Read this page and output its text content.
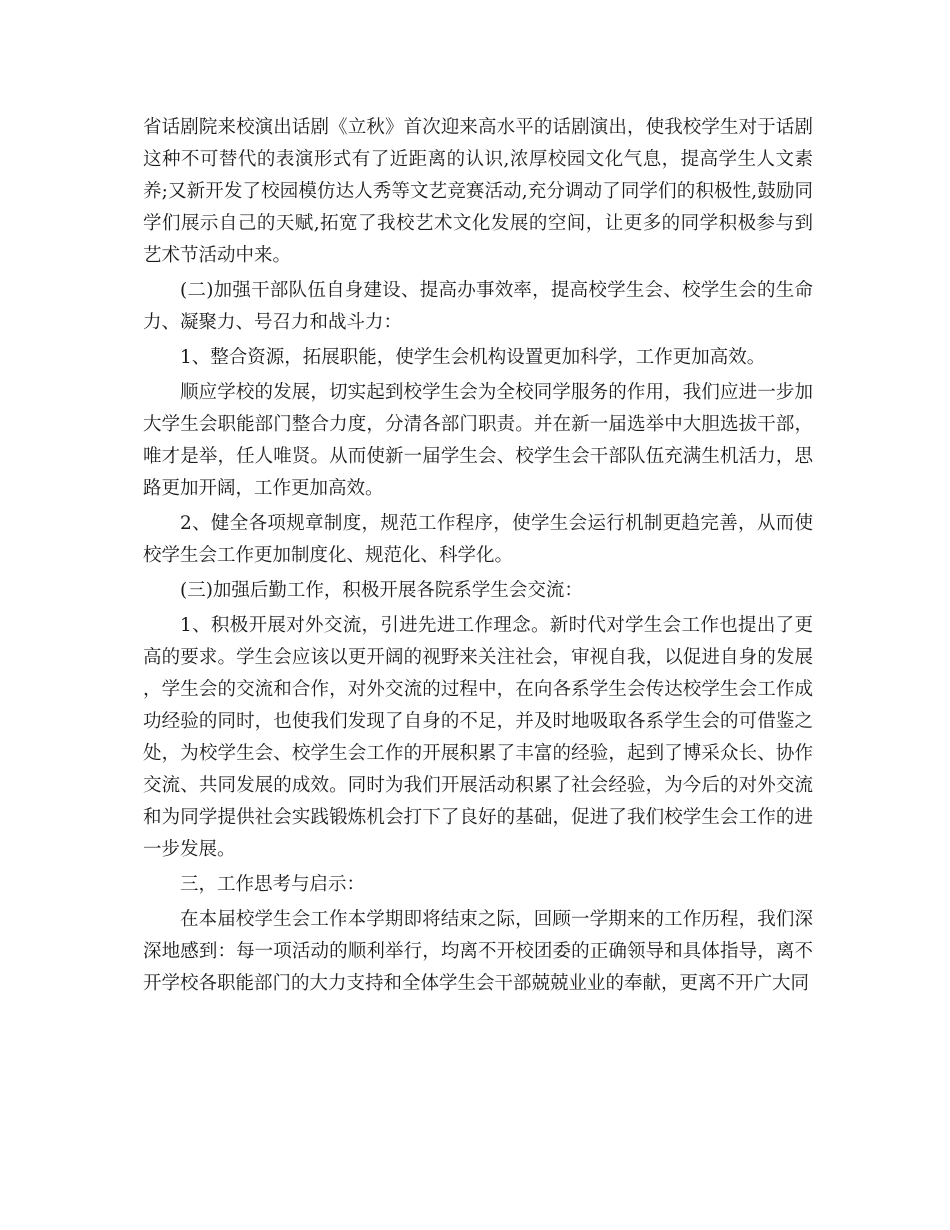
省话剧院来校演出话剧《立秋》首次迎来高水平的话剧演出，使我校学生对于话剧这种不可替代的表演形式有了近距离的认识,浓厚校园文化气息，提高学生人文素养;又新开发了校园模仿达人秀等文艺竞赛活动,充分调动了同学们的积极性,鼓励同学们展示自己的天赋,拓宽了我校艺术文化发展的空间，让更多的同学积极参与到艺术节活动中来。

(二)加强干部队伍自身建设、提高办事效率，提高校学生会、校学生会的生命力、凝聚力、号召力和战斗力：

1、整合资源，拓展职能，使学生会机构设置更加科学，工作更加高效。

顺应学校的发展，切实起到校学生会为全校同学服务的作用，我们应进一步加大学生会职能部门整合力度，分清各部门职责。并在新一届选举中大胆选拔干部，唯才是举，任人唯贤。从而使新一届学生会、校学生会干部队伍充满生机活力，思路更加开阔，工作更加高效。

2、健全各项规章制度，规范工作程序，使学生会运行机制更趋完善，从而使校学生会工作更加制度化、规范化、科学化。

(三)加强后勤工作，积极开展各院系学生会交流：

1、积极开展对外交流，引进先进工作理念。新时代对学生会工作也提出了更高的要求。学生会应该以更开阔的视野来关注社会，审视自我，以促进自身的发展，学生会的交流和合作，对外交流的过程中，在向各系学生会传达校学生会工作成功经验的同时，也使我们发现了自身的不足，并及时地吸取各系学生会的可借鉴之处，为校学生会、校学生会工作的开展积累了丰富的经验，起到了博采众长、协作交流、共同发展的成效。同时为我们开展活动积累了社会经验，为今后的对外交流和为同学提供社会实践锻炼机会打下了良好的基础，促进了我们校学生会工作的进一步发展。

三，工作思考与启示：

在本届校学生会工作本学期即将结束之际，回顾一学期来的工作历程，我们深深地感到：每一项活动的顺利举行，均离不开校团委的正确领导和具体指导，离不开学校各职能部门的大力支持和全体学生会干部兢兢业业的奉献，更离不开广大同
